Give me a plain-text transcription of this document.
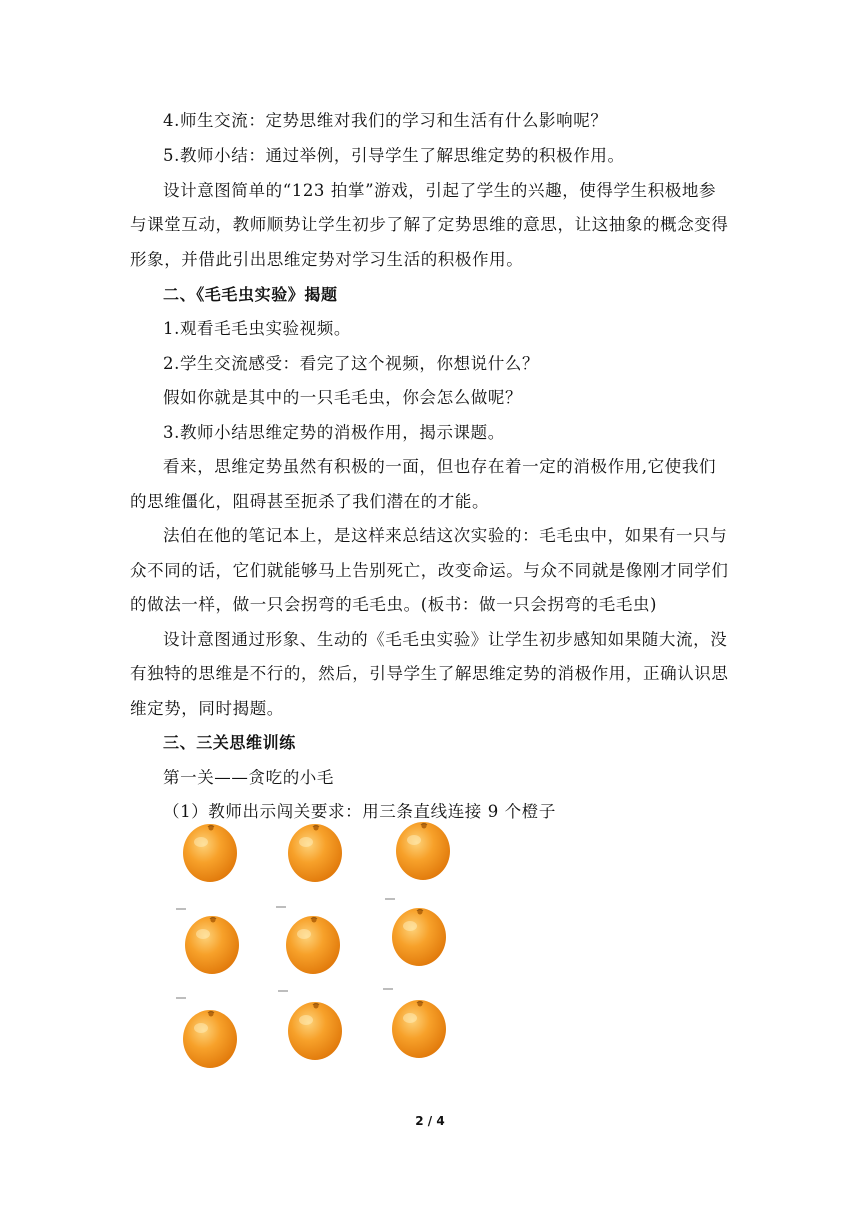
4.师生交流：定势思维对我们的学习和生活有什么影响呢？
5.教师小结：通过举例，引导学生了解思维定势的积极作用。
设计意图简单的“123 拍掌”游戏，引起了学生的兴趣，使得学生积极地参
与课堂互动，教师顺势让学生初步了解了定势思维的意思，让这抽象的概念变得
形象，并借此引出思维定势对学习生活的积极作用。
二、《毛毛虫实验》揭题
1.观看毛毛虫实验视频。
2.学生交流感受：看完了这个视频，你想说什么？
假如你就是其中的一只毛毛虫，你会怎么做呢？
3.教师小结思维定势的消极作用，揭示课题。
看来，思维定势虽然有积极的一面，但也存在着一定的消极作用,它使我们
的思维僵化，阻碍甚至扼杀了我们潜在的才能。
法伯在他的笔记本上，是这样来总结这次实验的：毛毛虫中，如果有一只与
众不同的话，它们就能够马上告别死亡，改变命运。与众不同就是像刚才同学们
的做法一样，做一只会拐弯的毛毛虫。(板书：做一只会拐弯的毛毛虫)
设计意图通过形象、生动的《毛毛虫实验》让学生初步感知如果随大流，没
有独特的思维是不行的，然后，引导学生了解思维定势的消极作用，正确认识思
维定势，同时揭题。
三、三关思维训练
第一关——贪吃的小毛
（1）教师出示闯关要求：用三条直线连接 9 个橙子
2 / 4
